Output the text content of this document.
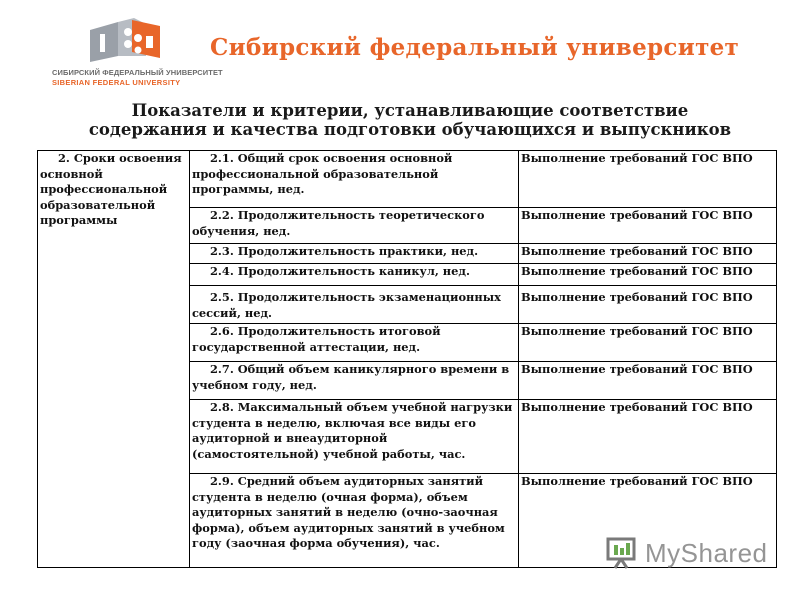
СИБИРСКИЙ ФЕДЕРАЛЬНЫЙ УНИВЕРСИТЕТ
SIBERIAN FEDERAL UNIVERSITY
Сибирский федеральный университет
Показатели и критерии, устанавливающие соответствие
содержания и качества подготовки обучающихся и выпускников
2. Сроки освоения основной профессиональной образовательной программы	2.1. Общий срок освоения основной профессиональной образовательной программы, нед.	Выполнение требований ГОС ВПО

	2.2. Продолжительность теоретического обучения, нед.	Выполнение требований ГОС ВПО

	2.3. Продолжительность практики, нед.	Выполнение требований ГОС ВПО

	2.4. Продолжительность каникул, нед.	Выполнение требований ГОС ВПО

	2.5. Продолжительность экзаменационных сессий, нед.	Выполнение требований ГОС ВПО

	2.6. Продолжительность итоговой государственной аттестации, нед.	Выполнение требований ГОС ВПО

	2.7. Общий объем каникулярного времени в учебном году, нед.	Выполнение требований ГОС ВПО

	2.8. Максимальный объем учебной нагрузки студента в неделю, включая все виды его аудиторной и внеаудиторной (самостоятельной) учебной работы, час.	Выполнение требований ГОС ВПО

	2.9. Средний объем аудиторных занятий студента в неделю (очная форма), объем аудиторных занятий в неделю (очно-заочная форма), объем аудиторных занятий в учебном году (заочная форма обучения), час.	Выполнение требований ГОС ВПО
MyShared
